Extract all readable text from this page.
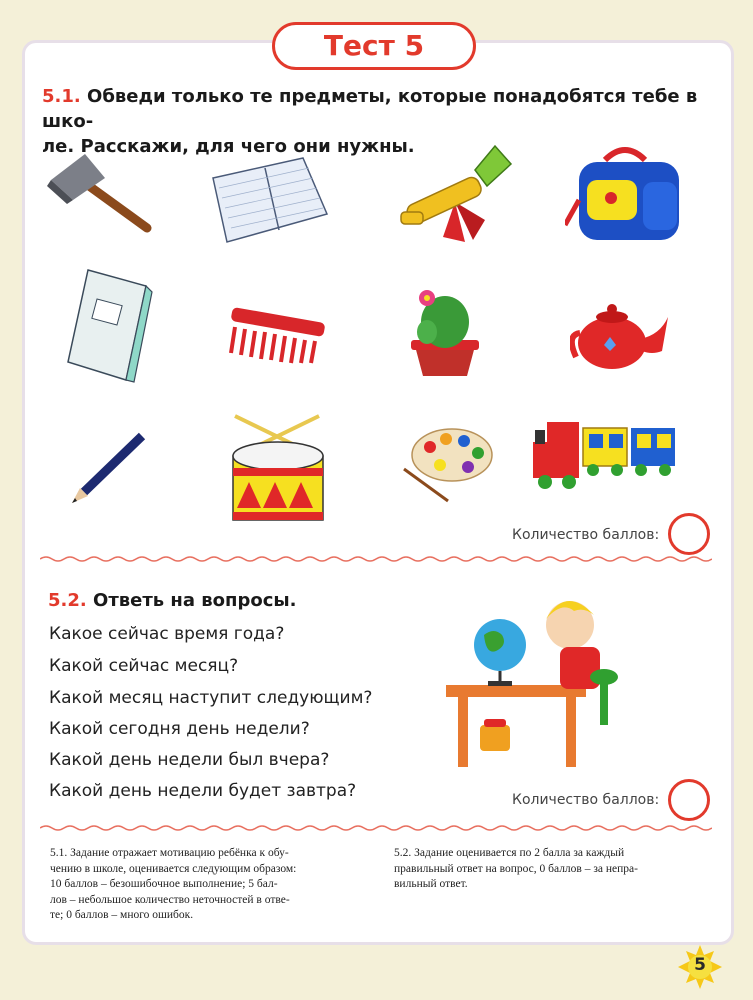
Тест 5
5.1. Обведи только те предметы, которые понадобятся тебе в шко-
ле. Расскажи, для чего они нужны.
Количество баллов:
5.2. Ответь на вопросы.
Какое сейчас время года?
Какой сейчас месяц?
Какой месяц наступит следующим?
Какой сегодня день недели?
Какой день недели был вчера?
Какой день недели будет завтра?	Количество баллов:
5.1. Задание отражает мотивацию ребёнка к обу-
чению в школе, оценивается следующим образом:
10 баллов – безошибочное выполнение; 5 бал-
лов – небольшое количество неточностей в отве-
те; 0 баллов – много ошибок.
5.2. Задание оценивается по 2 балла за каждый
правильный ответ на вопрос, 0 баллов – за непра-
вильный ответ.
5
